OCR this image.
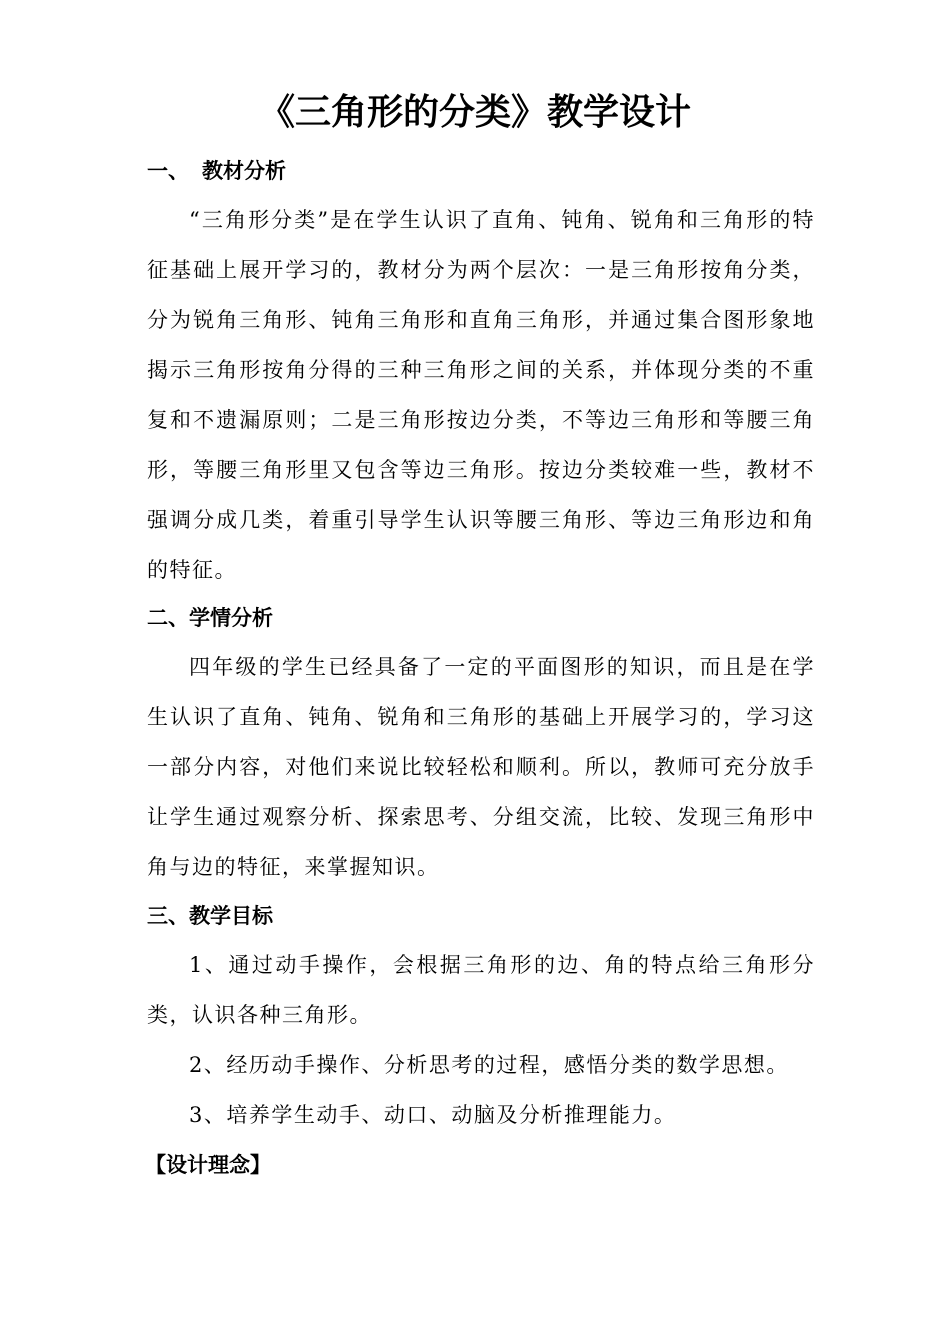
《三角形的分类》教学设计
一、 教材分析

“三角形分类”是在学生认识了直角、钝角、锐角和三角形的特征基础上展开学习的，教材分为两个层次：一是三角形按角分类，分为锐角三角形、钝角三角形和直角三角形，并通过集合图形象地揭示三角形按角分得的三种三角形之间的关系，并体现分类的不重复和不遗漏原则；二是三角形按边分类，不等边三角形和等腰三角形，等腰三角形里又包含等边三角形。按边分类较难一些，教材不强调分成几类，着重引导学生认识等腰三角形、等边三角形边和角的特征。

二、学情分析

四年级的学生已经具备了一定的平面图形的知识，而且是在学生认识了直角、钝角、锐角和三角形的基础上开展学习的，学习这一部分内容，对他们来说比较轻松和顺利。所以，教师可充分放手让学生通过观察分析、探索思考、分组交流，比较、发现三角形中角与边的特征，来掌握知识。

三、教学目标

1、通过动手操作，会根据三角形的边、角的特点给三角形分类，认识各种三角形。

2、经历动手操作、分析思考的过程，感悟分类的数学思想。

3、培养学生动手、动口、动脑及分析推理能力。

【设计理念】
